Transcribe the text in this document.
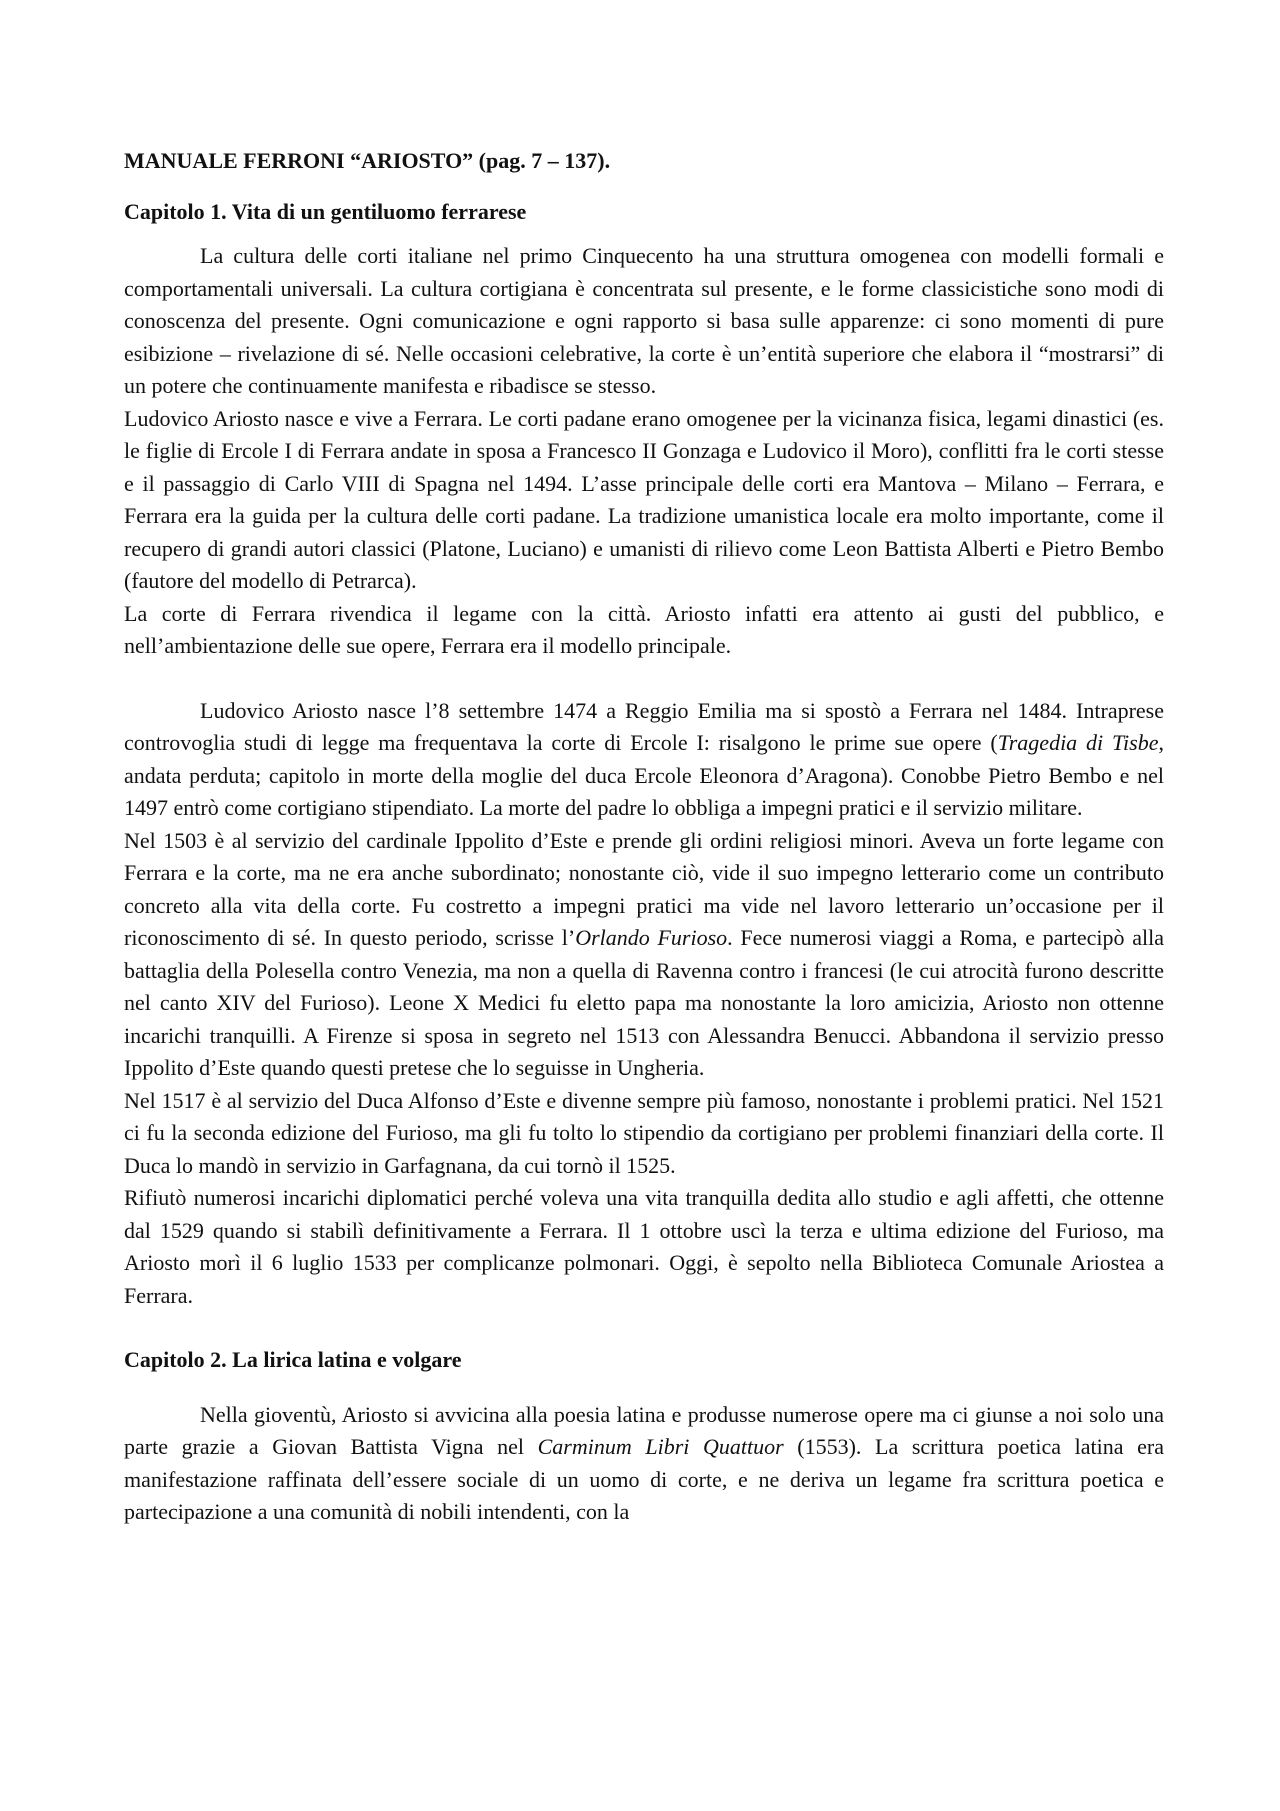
MANUALE FERRONI “ARIOSTO” (pag. 7 – 137).

Capitolo 1. Vita di un gentiluomo ferrarese

La cultura delle corti italiane nel primo Cinquecento ha una struttura omogenea con modelli formali e comportamentali universali. La cultura cortigiana è concentrata sul presente, e le forme classicistiche sono modi di conoscenza del presente. Ogni comunicazione e ogni rapporto si basa sulle apparenze: ci sono momenti di pure esibizione – rivelazione di sé. Nelle occasioni celebrative, la corte è un’entità superiore che elabora il “mostrarsi” di un potere che continuamente manifesta e ribadisce se stesso.

Ludovico Ariosto nasce e vive a Ferrara. Le corti padane erano omogenee per la vicinanza fisica, legami dinastici (es. le figlie di Ercole I di Ferrara andate in sposa a Francesco II Gonzaga e Ludovico il Moro), conflitti fra le corti stesse e il passaggio di Carlo VIII di Spagna nel 1494. L’asse principale delle corti era Mantova – Milano – Ferrara, e Ferrara era la guida per la cultura delle corti padane. La tradizione umanistica locale era molto importante, come il recupero di grandi autori classici (Platone, Luciano) e umanisti di rilievo come Leon Battista Alberti e Pietro Bembo (fautore del modello di Petrarca).

La corte di Ferrara rivendica il legame con la città. Ariosto infatti era attento ai gusti del pubblico, e nell’ambientazione delle sue opere, Ferrara era il modello principale.

Ludovico Ariosto nasce l’8 settembre 1474 a Reggio Emilia ma si spostò a Ferrara nel 1484. Intraprese controvoglia studi di legge ma frequentava la corte di Ercole I: risalgono le prime sue opere (Tragedia di Tisbe, andata perduta; capitolo in morte della moglie del duca Ercole Eleonora d’Aragona). Conobbe Pietro Bembo e nel 1497 entrò come cortigiano stipendiato. La morte del padre lo obbliga a impegni pratici e il servizio militare.

Nel 1503 è al servizio del cardinale Ippolito d’Este e prende gli ordini religiosi minori. Aveva un forte legame con Ferrara e la corte, ma ne era anche subordinato; nonostante ciò, vide il suo impegno letterario come un contributo concreto alla vita della corte. Fu costretto a impegni pratici ma vide nel lavoro letterario un’occasione per il riconoscimento di sé. In questo periodo, scrisse l’Orlando Furioso. Fece numerosi viaggi a Roma, e partecipò alla battaglia della Polesella contro Venezia, ma non a quella di Ravenna contro i francesi (le cui atrocità furono descritte nel canto XIV del Furioso). Leone X Medici fu eletto papa ma nonostante la loro amicizia, Ariosto non ottenne incarichi tranquilli. A Firenze si sposa in segreto nel 1513 con Alessandra Benucci. Abbandona il servizio presso Ippolito d’Este quando questi pretese che lo seguisse in Ungheria.

Nel 1517 è al servizio del Duca Alfonso d’Este e divenne sempre più famoso, nonostante i problemi pratici. Nel 1521 ci fu la seconda edizione del Furioso, ma gli fu tolto lo stipendio da cortigiano per problemi finanziari della corte. Il Duca lo mandò in servizio in Garfagnana, da cui tornò il 1525.

Rifiutò numerosi incarichi diplomatici perché voleva una vita tranquilla dedita allo studio e agli affetti, che ottenne dal 1529 quando si stabilì definitivamente a Ferrara. Il 1 ottobre uscì la terza e ultima edizione del Furioso, ma Ariosto morì il 6 luglio 1533 per complicanze polmonari. Oggi, è sepolto nella Biblioteca Comunale Ariostea a Ferrara.

Capitolo 2. La lirica latina e volgare

Nella gioventù, Ariosto si avvicina alla poesia latina e produsse numerose opere ma ci giunse a noi solo una parte grazie a Giovan Battista Vigna nel Carminum Libri Quattuor (1553). La scrittura poetica latina era manifestazione raffinata dell’essere sociale di un uomo di corte, e ne deriva un legame fra scrittura poetica e partecipazione a una comunità di nobili intendenti, con la
